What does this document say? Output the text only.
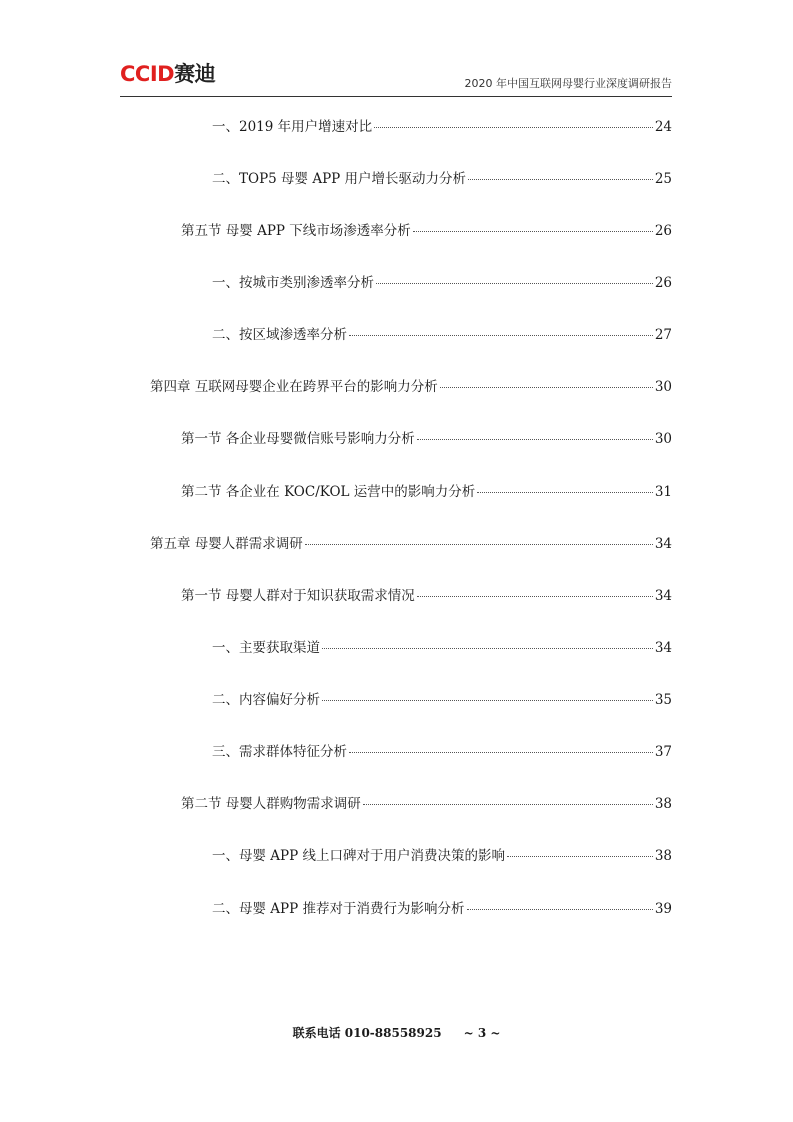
CCID赛迪	2020 年中国互联网母婴行业深度调研报告
一、2019 年用户增速对比	24
二、TOP5 母婴 APP 用户增长驱动力分析	25
第五节 母婴 APP 下线市场渗透率分析	26
一、按城市类别渗透率分析	26
二、按区域渗透率分析	27
第四章 互联网母婴企业在跨界平台的影响力分析	30
第一节 各企业母婴微信账号影响力分析	30
第二节 各企业在 KOC/KOL 运营中的影响力分析	31
第五章 母婴人群需求调研	34
第一节 母婴人群对于知识获取需求情况	34
一、主要获取渠道	34
二、内容偏好分析	35
三、需求群体特征分析	37
第二节 母婴人群购物需求调研	38
一、母婴 APP 线上口碑对于用户消费决策的影响	38
二、母婴 APP 推荐对于消费行为影响分析	39
联系电话 010-88558925 ~ 3 ~
